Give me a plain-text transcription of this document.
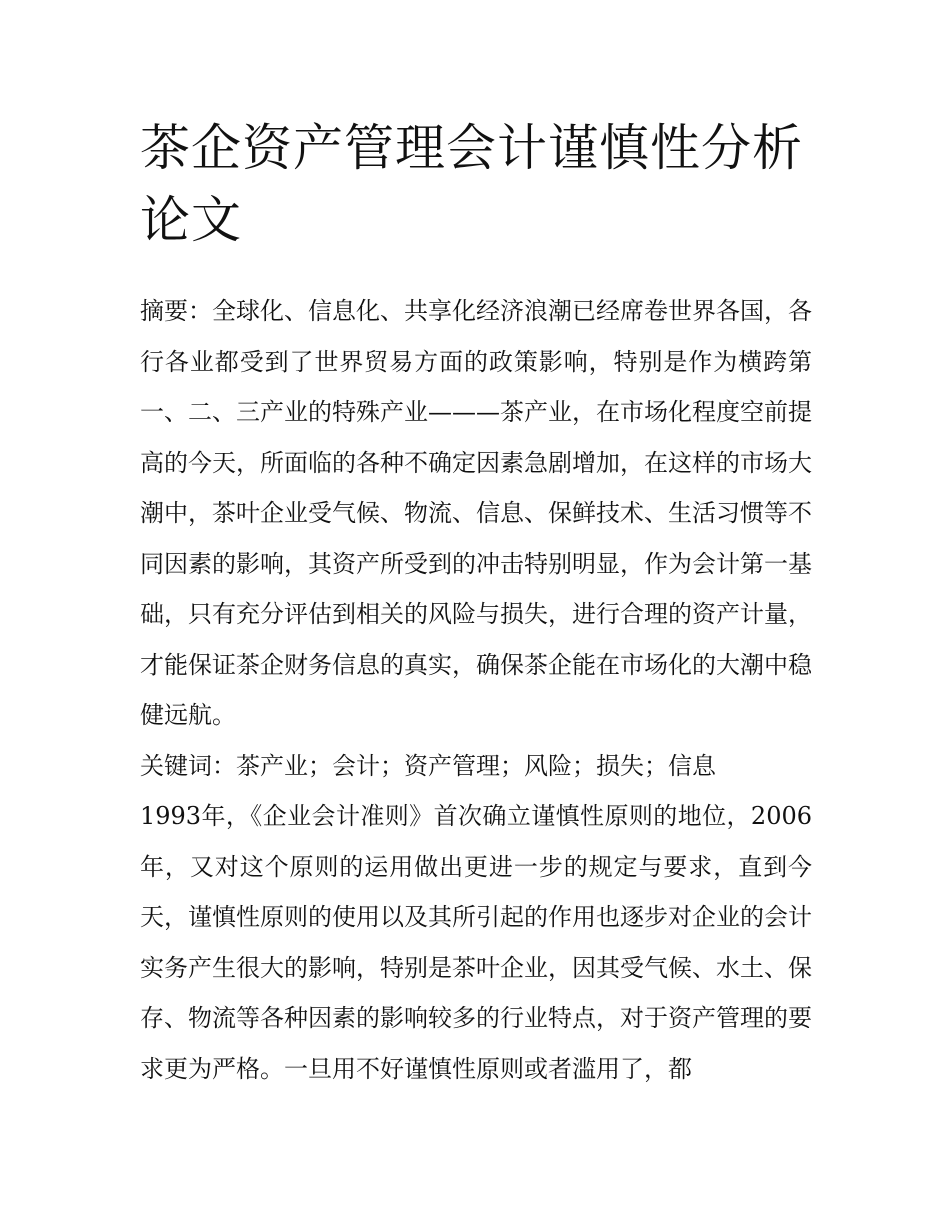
茶企资产管理会计谨慎性分析论文

摘要：全球化、信息化、共享化经济浪潮已经席卷世界各国，各行各业都受到了世界贸易方面的政策影响，特别是作为横跨第一、二、三产业的特殊产业———茶产业，在市场化程度空前提高的今天，所面临的各种不确定因素急剧增加，在这样的市场大潮中，茶叶企业受气候、物流、信息、保鲜技术、生活习惯等不同因素的影响，其资产所受到的冲击特别明显，作为会计第一基础，只有充分评估到相关的风险与损失，进行合理的资产计量，才能保证茶企财务信息的真实，确保茶企能在市场化的大潮中稳健远航。

关键词：茶产业；会计；资产管理；风险；损失；信息

1993年，《企业会计准则》首次确立谨慎性原则的地位，2006年，又对这个原则的运用做出更进一步的规定与要求，直到今天，谨慎性原则的使用以及其所引起的作用也逐步对企业的会计实务产生很大的影响，特别是茶叶企业，因其受气候、水土、保存、物流等各种因素的影响较多的行业特点，对于资产管理的要求更为严格。一旦用不好谨慎性原则或者滥用了，都
